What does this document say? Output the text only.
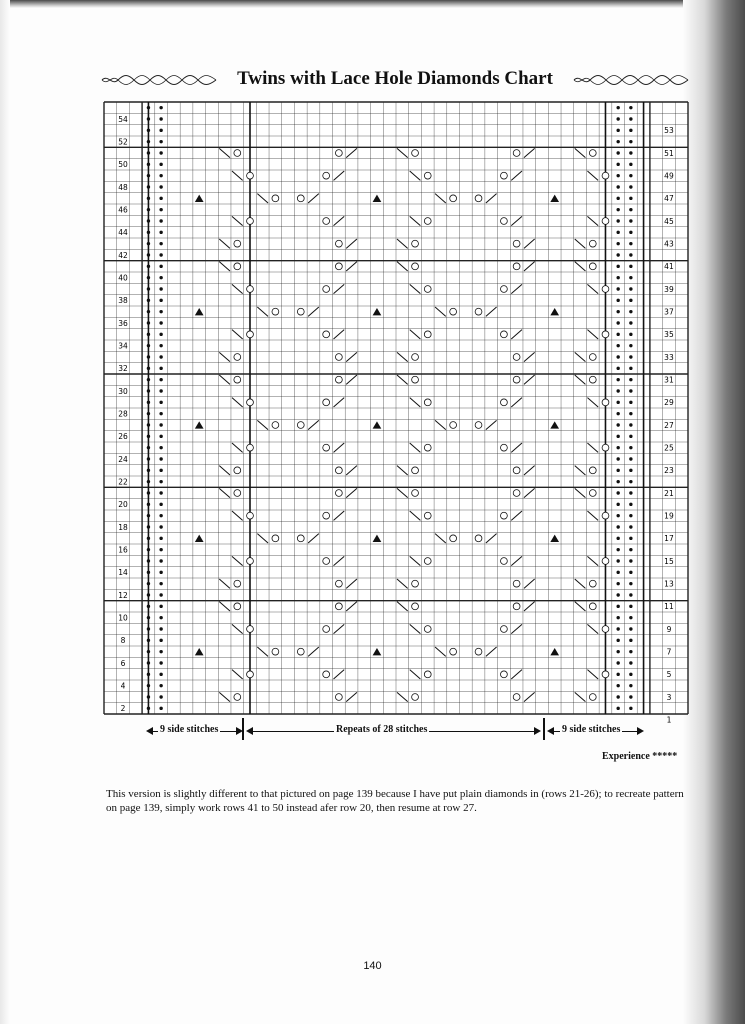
Twins with Lace Hole Diamonds Chart
54
52
50
48
46
44
42
40
38
36
34
32
30
28
26
24
22
20
18
16
14
12
10
8
6
4
2
53
51
49
47
45
43
41
39
37
35
33
31
29
27
25
23
21
19
17
15
13
11
9
7
5
3
1
9 side stitches	Repeats of 28 stitches	9 side stitches
Experience *****
This version is slightly different to that pictured on page 139 because I have put plain diamonds in (rows 21-26); to recreate pattern on page 139, simply work rows 41 to 50 instead afer row 20, then resume at row 27.
140
